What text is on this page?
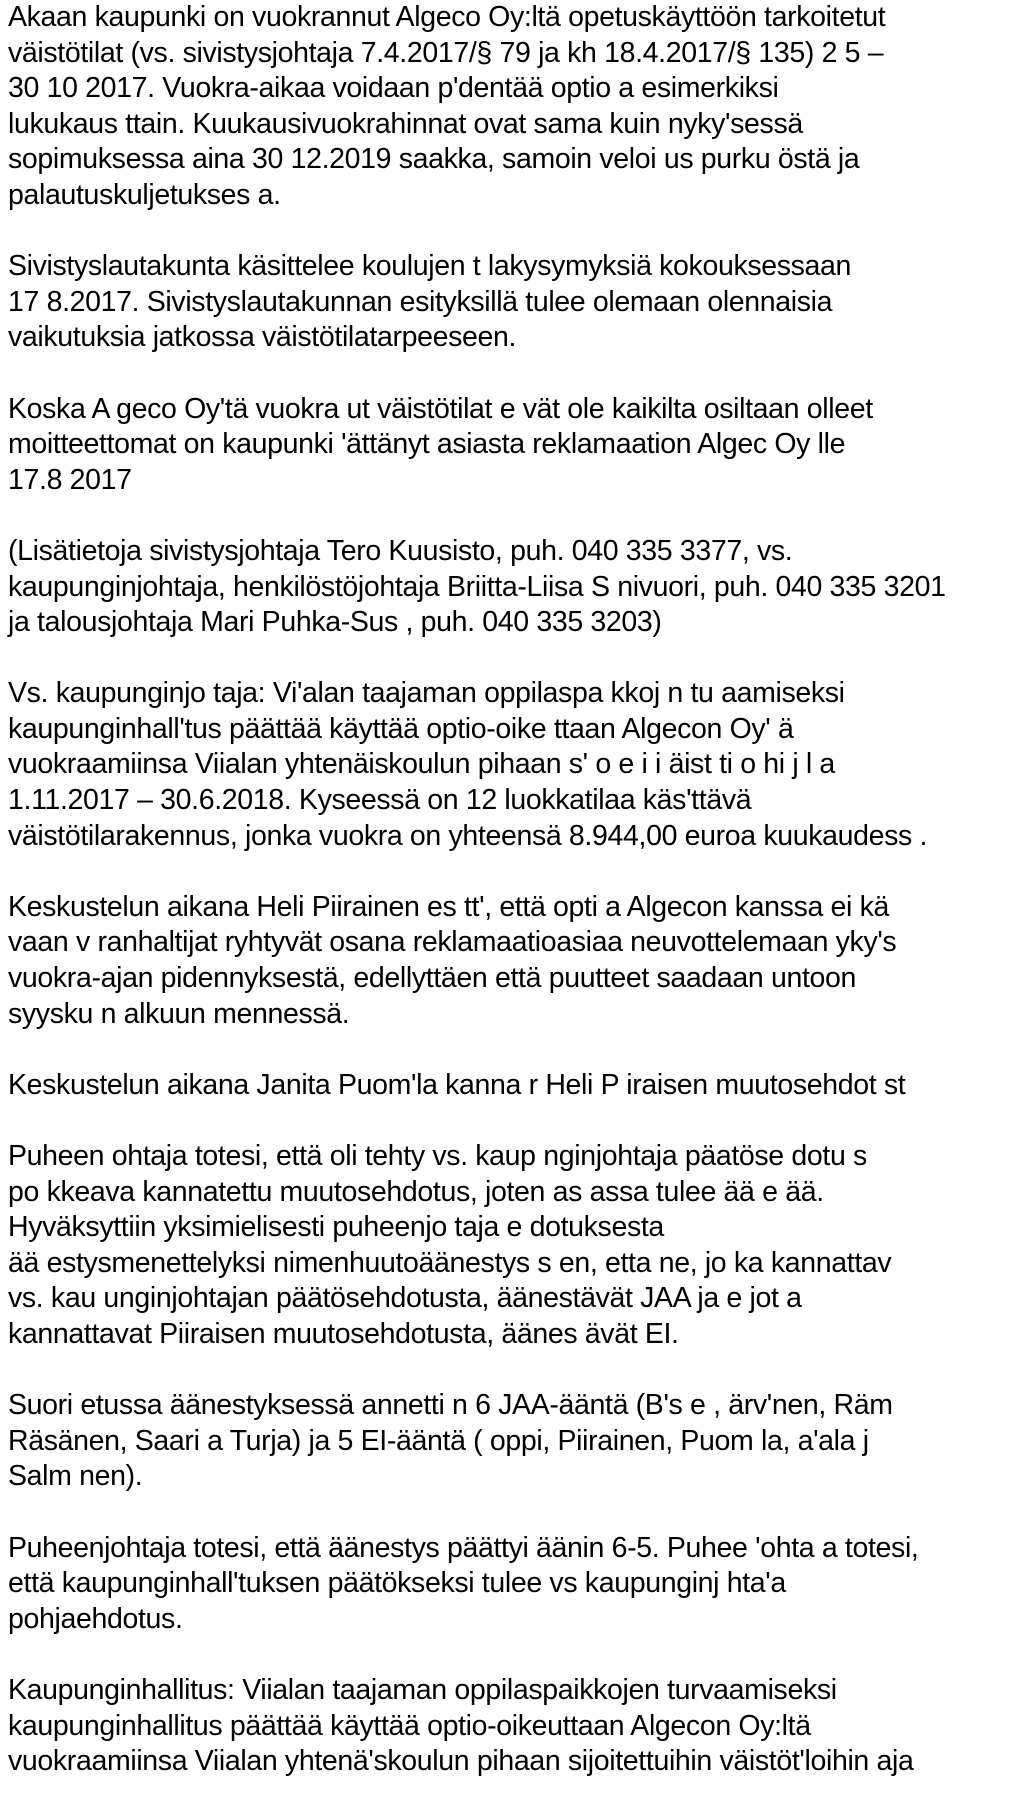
Akaan kaupunki on vuokrannut Algeco Oy:ltä opetuskäyttöön tarkoitetut
väistötilat (vs. sivistysjohtaja 7.4.2017/§ 79 ja kh 18.4.2017/§ 135) 2 5 –
30 10 2017. Vuokra-aikaa voidaan p'dentää optio a esimerkiksi
lukukaus ttain. Kuukausivuokrahinnat ovat sama kuin nyky'sessä
sopimuksessa aina 30 12.2019 saakka, samoin veloi us purku östä ja
palautuskuljetukses a.
Sivistyslautakunta käsittelee koulujen t lakysymyksiä kokouksessaan
17 8.2017. Sivistyslautakunnan esityksillä tulee olemaan olennaisia
vaikutuksia jatkossa väistötilatarpeeseen.
Koska A geco Oy'tä vuokra ut väistötilat e vät ole kaikilta osiltaan olleet
moitteettomat on kaupunki 'ättänyt asiasta reklamaation Algec Oy lle
17.8 2017
(Lisätietoja sivistysjohtaja Tero Kuusisto, puh. 040 335 3377, vs.
kaupunginjohtaja, henkilöstöjohtaja Briitta-Liisa S nivuori, puh. 040 335 3201
ja talousjohtaja Mari Puhka-Sus , puh. 040 335 3203)
Vs. kaupunginjo taja: Vi'alan taajaman oppilaspa kkoj n tu aamiseksi
kaupunginhall'tus päättää käyttää optio-oike ttaan Algecon Oy' ä
vuokraamiinsa Viialan yhtenäiskoulun pihaan s' o e i i äist ti o hi j l a
1.11.2017 – 30.6.2018. Kyseessä on 12 luokkatilaa käs'ttävä
väistötilarakennus, jonka vuokra on yhteensä 8.944,00 euroa kuukaudess .
Keskustelun aikana Heli Piirainen es tt', että opti a Algecon kanssa ei kä
vaan v ranhaltijat ryhtyvät osana reklamaatioasiaa neuvottelemaan yky's
vuokra-ajan pidennyksestä, edellyttäen että puutteet saadaan untoon
syysku n alkuun mennessä.
Keskustelun aikana Janita Puom'la kanna r Heli P iraisen muutosehdot st
Puheen ohtaja totesi, että oli tehty vs. kaup nginjohtaja päatöse dotu s
po kkeava kannatettu muutosehdotus, joten as assa tulee ää e ää.
Hyväksyttiin yksimielisesti puheenjo taja e dotuksesta
ää estysmenettelyksi nimenhuutoäänestys s en, etta ne, jo ka kannattav
vs. kau unginjohtajan päätösehdotusta, äänestävät JAA ja e jot a
kannattavat Piiraisen muutosehdotusta, äänes ävät EI.
Suori etussa äänestyksessä annetti n 6 JAA-ääntä (B's e , ärv'nen, Räm
Räsänen, Saari a Turja) ja 5 EI-ääntä ( oppi, Piirainen, Puom la, a'ala j
Salm nen).
Puheenjohtaja totesi, että äänestys päättyi äänin 6-5. Puhee 'ohta a totesi,
että kaupunginhall'tuksen päätökseksi tulee vs kaupunginj hta'a
pohjaehdotus.
Kaupunginhallitus: Viialan taajaman oppilaspaikkojen turvaamiseksi
kaupunginhallitus päättää käyttää optio-oikeuttaan Algecon Oy:ltä
vuokraamiinsa Viialan yhtenä'skoulun pihaan sijoitettuihin väistöt'loihin aja
